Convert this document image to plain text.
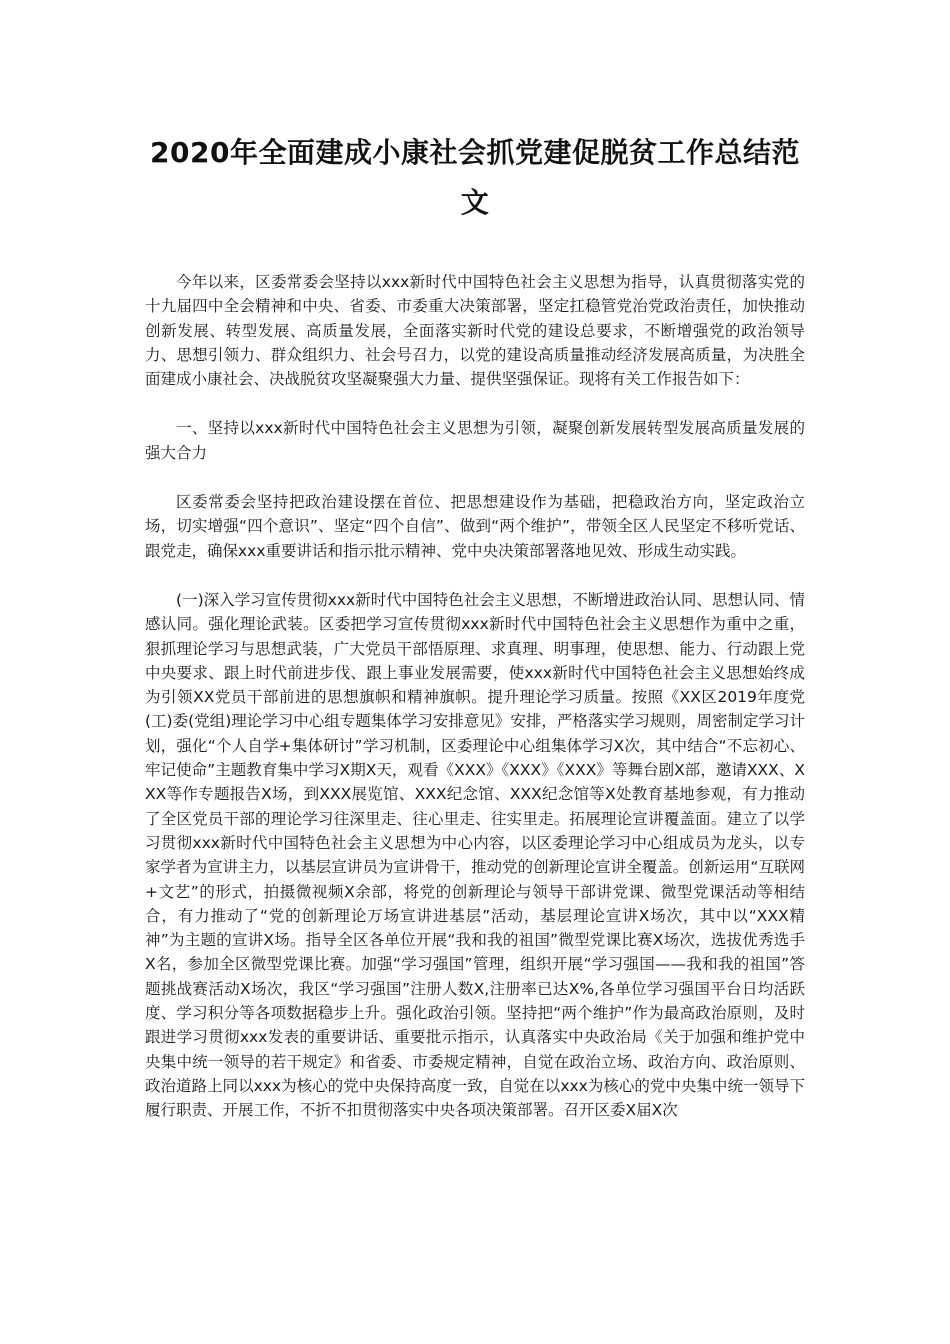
2020年全面建成小康社会抓党建促脱贫工作总结范文

今年以来，区委常委会坚持以xxx新时代中国特色社会主义思想为指导，认真贯彻落实党的十九届四中全会精神和中央、省委、市委重大决策部署，坚定扛稳管党治党政治责任，加快推动创新发展、转型发展、高质量发展，全面落实新时代党的建设总要求，不断增强党的政治领导力、思想引领力、群众组织力、社会号召力，以党的建设高质量推动经济发展高质量，为决胜全面建成小康社会、决战脱贫攻坚凝聚强大力量、提供坚强保证。现将有关工作报告如下：

一、坚持以xxx新时代中国特色社会主义思想为引领，凝聚创新发展转型发展高质量发展的强大合力

区委常委会坚持把政治建设摆在首位、把思想建设作为基础，把稳政治方向，坚定政治立场，切实增强“四个意识”、坚定“四个自信”、做到“两个维护”，带领全区人民坚定不移听党话、跟党走，确保xxx重要讲话和指示批示精神、党中央决策部署落地见效、形成生动实践。

(一)深入学习宣传贯彻xxx新时代中国特色社会主义思想，不断增进政治认同、思想认同、情感认同。强化理论武装。区委把学习宣传贯彻xxx新时代中国特色社会主义思想作为重中之重，狠抓理论学习与思想武装，广大党员干部悟原理、求真理、明事理，使思想、能力、行动跟上党中央要求、跟上时代前进步伐、跟上事业发展需要，使xxx新时代中国特色社会主义思想始终成为引领XX党员干部前进的思想旗帜和精神旗帜。提升理论学习质量。按照《XX区2019年度党(工)委(党组)理论学习中心组专题集体学习安排意见》安排，严格落实学习规则，周密制定学习计划，强化“个人自学+集体研讨”学习机制，区委理论中心组集体学习X次，其中结合“不忘初心、牢记使命”主题教育集中学习X期X天，观看《XXX》《XXX》《XXX》等舞台剧X部，邀请XXX、XXX等作专题报告X场，到XXX展览馆、XXX纪念馆、XXX纪念馆等X处教育基地参观，有力推动了全区党员干部的理论学习往深里走、往心里走、往实里走。拓展理论宣讲覆盖面。建立了以学习贯彻xxx新时代中国特色社会主义思想为中心内容，以区委理论学习中心组成员为龙头，以专家学者为宣讲主力，以基层宣讲员为宣讲骨干，推动党的创新理论宣讲全覆盖。创新运用“互联网+文艺”的形式，拍摄微视频X余部，将党的创新理论与领导干部讲党课、微型党课活动等相结合，有力推动了“党的创新理论万场宣讲进基层”活动，基层理论宣讲X场次，其中以“XXX精神”为主题的宣讲X场。指导全区各单位开展“我和我的祖国”微型党课比赛X场次，选拔优秀选手X名，参加全区微型党课比赛。加强“学习强国”管理，组织开展“学习强国——我和我的祖国”答题挑战赛活动X场次，我区“学习强国”注册人数X,注册率已达X%,各单位学习强国平台日均活跃度、学习积分等各项数据稳步上升。强化政治引领。坚持把“两个维护”作为最高政治原则，及时跟进学习贯彻xxx发表的重要讲话、重要批示指示，认真落实中央政治局《关于加强和维护党中央集中统一领导的若干规定》和省委、市委规定精神，自觉在政治立场、政治方向、政治原则、政治道路上同以xxx为核心的党中央保持高度一致，自觉在以xxx为核心的党中央集中统一领导下履行职责、开展工作，不折不扣贯彻落实中央各项决策部署。召开区委X届X次
